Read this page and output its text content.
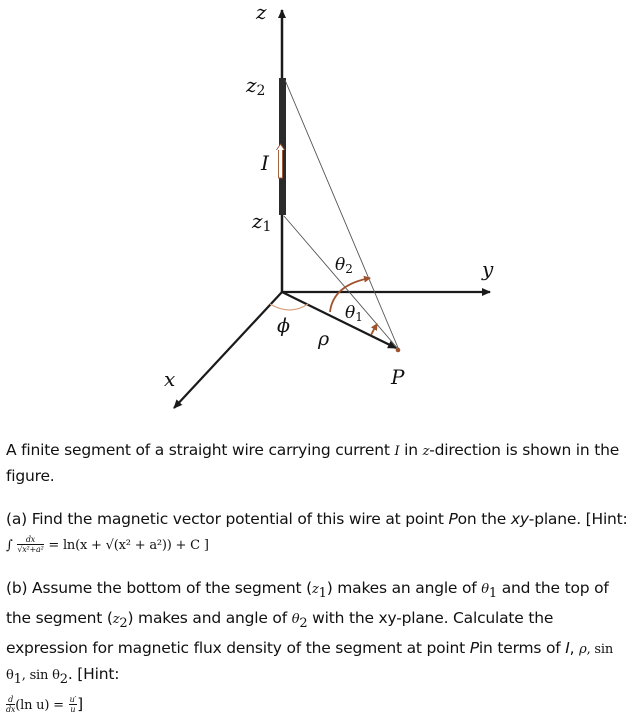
z
z2
I
z1
θ2	y
θ1
ϕ
ρ
x	P
A finite segment of a straight wire carrying current I in z-direction is shown in the figure.
(a) Find the magnetic vector potential of this wire at point Pon the xy-plane. [Hint:
∫ $\frac{dx}{\text{√x²+a²}} = \ln(x + √(x^2 + a^2)) + C$ ]
(b) Assume the bottom of the segment $(z_1)$ makes an angle of $\theta_1$ and the top of the segment $(z_2)$ makes and angle of $\theta_2$ with the xy-plane. Calculate the expression for magnetic flux density of the segment at point Pin terms of I, ρ, $\sin \theta_1$, $\sin \theta_2$. [Hint:

$\frac{d}{dx} (\ln$ $u) = \frac{u'}{u}$ ]
